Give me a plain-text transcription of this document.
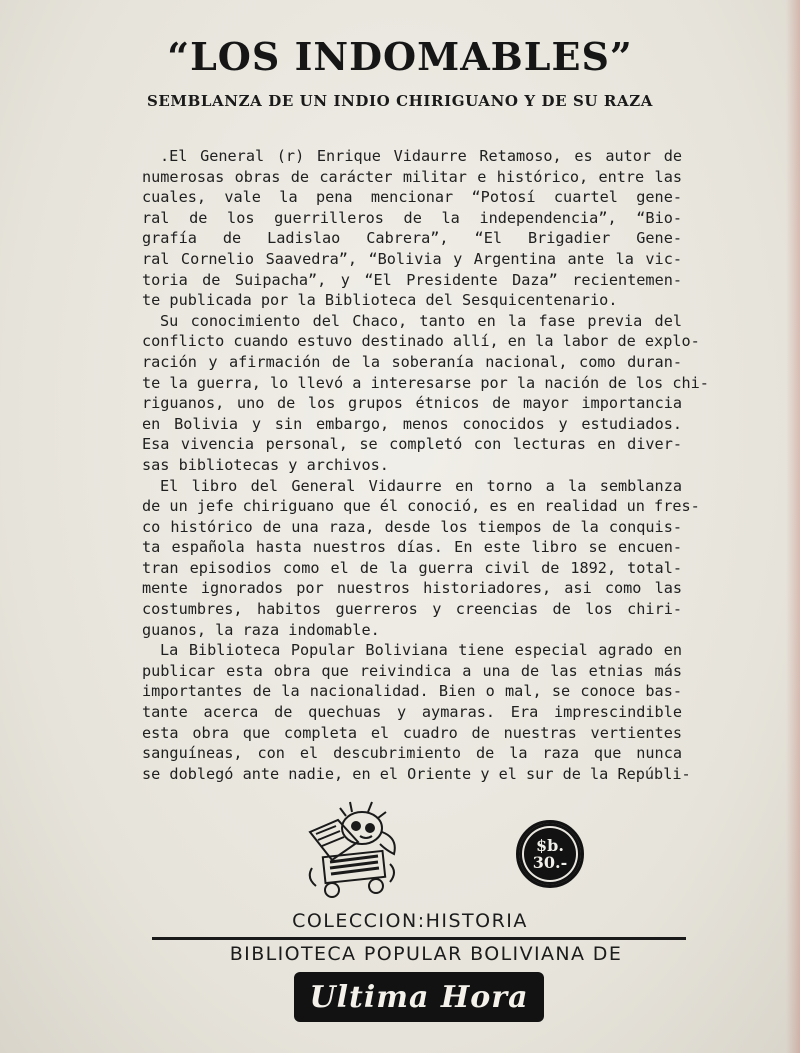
“LOS INDOMABLES”
SEMBLANZA DE UN INDIO CHIRIGUANO Y DE SU RAZA

.El General (r) Enrique Vidaurre Retamoso, es autor de

numerosas obras de carácter militar e histórico, entre las

cuales, vale la pena mencionar “Potosí cuartel gene-

ral de los guerrilleros de la independencia”, “Bio-

grafía de Ladislao Cabrera”, “El Brigadier Gene-

ral Cornelio Saavedra”, “Bolivia y Argentina ante la vic-

toria de Suipacha”, y “El Presidente Daza” recientemen-

te publicada por la Biblioteca del Sesquicentenario.

Su conocimiento del Chaco, tanto en la fase previa del

conflicto cuando estuvo destinado allí, en la labor de explo-

ración y afirmación de la soberanía nacional, como duran-

te la guerra, lo llevó a interesarse por la nación de los chi-

riguanos, uno de los grupos étnicos de mayor importancia

en Bolivia y sin embargo, menos conocidos y estudiados.

Esa vivencia personal, se completó con lecturas en diver-

sas bibliotecas y archivos.

El libro del General Vidaurre en torno a la semblanza

de un jefe chiriguano que él conoció, es en realidad un fres-

co histórico de una raza, desde los tiempos de la conquis-

ta española hasta nuestros días. En este libro se encuen-

tran episodios como el de la guerra civil de 1892, total-

mente ignorados por nuestros historiadores, asi como las

costumbres, habitos guerreros y creencias de los chiri-

guanos, la raza indomable.

La Biblioteca Popular Boliviana tiene especial agrado en

publicar esta obra que reivindica a una de las etnias más

importantes de la nacionalidad. Bien o mal, se conoce bas-

tante acerca de quechuas y aymaras. Era imprescindible

esta obra que completa el cuadro de nuestras vertientes

sanguíneas, con el descubrimiento de la raza que nunca

se doblegó ante nadie, en el Oriente y el sur de la Repúbli-

$b.
30.-
COLECCION:HISTORIA
BIBLIOTECA POPULAR BOLIVIANA DE
Ultima Hora
